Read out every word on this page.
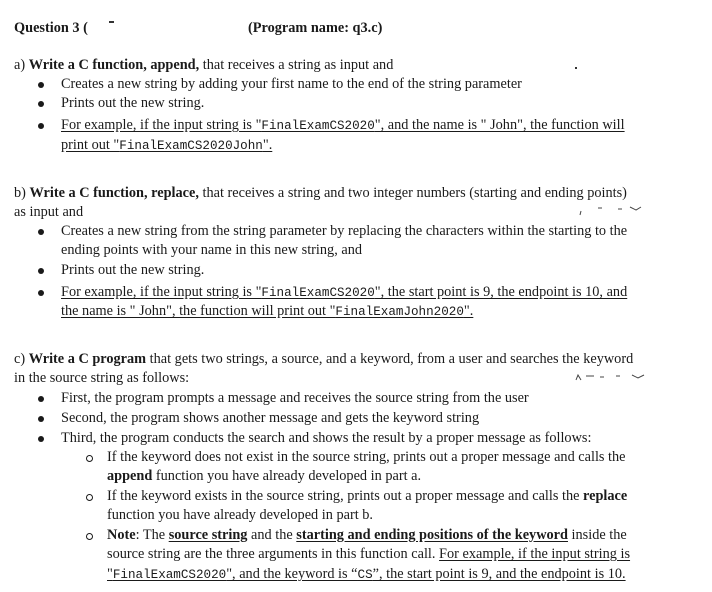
Question 3 (	(Program name: q3.c)
a) Write a C function, append, that receives a string as input and
Creates a new string by adding your first name to the end of the string parameter
Prints out the new string.
For example, if the input string is "FinalExamCS2020", and the name is " John", the function will
print out "FinalExamCS2020John".
b) Write a C function, replace, that receives a string and two integer numbers (starting and ending points)
as input and
Creates a new string from the string parameter by replacing the characters within the starting to the
ending points with your name in this new string, and
Prints out the new string.
For example, if the input string is "FinalExamCS2020", the start point is 9, the endpoint is 10, and
the name is " John", the function will print out "FinalExamJohn2020".
c) Write a C program that gets two strings, a source, and a keyword, from a user and searches the keyword
in the source string as follows:
First, the program prompts a message and receives the source string from the user
Second, the program shows another message and gets the keyword string
Third, the program conducts the search and shows the result by a proper message as follows:
If the keyword does not exist in the source string, prints out a proper message and calls the
append function you have already developed in part a.
If the keyword exists in the source string, prints out a proper message and calls the replace
function you have already developed in part b.
Note: The source string and the starting and ending positions of the keyword inside the
source string are the three arguments in this function call. For example, if the input string is
"FinalExamCS2020", and the keyword is “CS”, the start point is 9, and the endpoint is 10.
